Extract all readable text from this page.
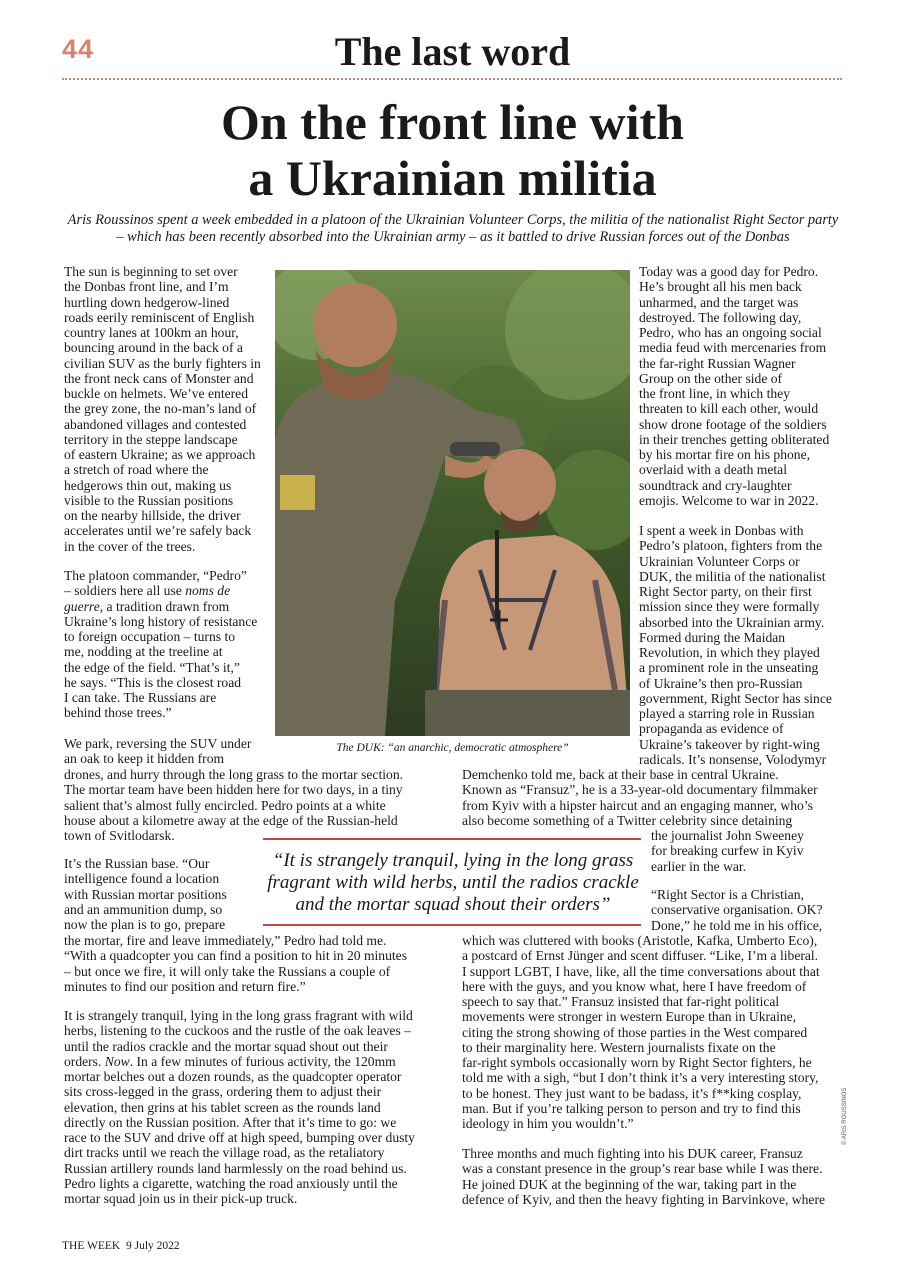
44	The last word
On the front line with
a Ukrainian militia
Aris Roussinos spent a week embedded in a platoon of the Ukrainian Volunteer Corps, the militia of the nationalist Right Sector party – which has been recently absorbed into the Ukrainian army – as it battled to drive Russian forces out of the Donbas
The sun is beginning to set over
the Donbas front line, and I’m
hurtling down hedgerow-lined
roads eerily reminiscent of English
country lanes at 100km an hour,
bouncing around in the back of a
civilian SUV as the burly fighters in
the front neck cans of Monster and
buckle on helmets. We’ve entered
the grey zone, the no-man’s land of
abandoned villages and contested
territory in the steppe landscape
of eastern Ukraine; as we approach
a stretch of road where the
hedgerows thin out, making us
visible to the Russian positions
on the nearby hillside, the driver
accelerates until we’re safely back
in the cover of the trees.
The platoon commander, “Pedro”
– soldiers here all use noms de
guerre, a tradition drawn from
Ukraine’s long history of resistance
to foreign occupation – turns to
me, nodding at the treeline at
the edge of the field. “That’s it,”
he says. “This is the closest road
I can take. The Russians are
behind those trees.”
We park, reversing the SUV under
an oak to keep it hidden from
drones, and hurry through the long grass to the mortar section.
The mortar team have been hidden here for two days, in a tiny
salient that’s almost fully encircled. Pedro points at a white
house about a kilometre away at the edge of the Russian-held
town of Svitlodarsk.
It’s the Russian base. “Our
intelligence found a location
with Russian mortar positions
and an ammunition dump, so
now the plan is to go, prepare
the mortar, fire and leave immediately,” Pedro had told me.
“With a quadcopter you can find a position to hit in 20 minutes
– but once we fire, it will only take the Russians a couple of
minutes to find our position and return fire.”
It is strangely tranquil, lying in the long grass fragrant with wild
herbs, listening to the cuckoos and the rustle of the oak leaves –
until the radios crackle and the mortar squad shout out their
orders. Now. In a few minutes of furious activity, the 120mm
mortar belches out a dozen rounds, as the quadcopter operator
sits cross-legged in the grass, ordering them to adjust their
elevation, then grins at his tablet screen as the rounds land
directly on the Russian position. After that it’s time to go: we
race to the SUV and drive off at high speed, bumping over dusty
dirt tracks until we reach the village road, as the retaliatory
Russian artillery rounds land harmlessly on the road behind us.
Pedro lights a cigarette, watching the road anxiously until the
mortar squad join us in their pick-up truck.
The DUK: “an anarchic, democratic atmosphere”
“It is strangely tranquil, lying in the long grass fragrant with wild herbs, until the radios crackle and the mortar squad shout their orders”
Today was a good day for Pedro.
He’s brought all his men back
unharmed, and the target was
destroyed. The following day,
Pedro, who has an ongoing social
media feud with mercenaries from
the far-right Russian Wagner
Group on the other side of
the front line, in which they
threaten to kill each other, would
show drone footage of the soldiers
in their trenches getting obliterated
by his mortar fire on his phone,
overlaid with a death metal
soundtrack and cry-laughter
emojis. Welcome to war in 2022.
I spent a week in Donbas with
Pedro’s platoon, fighters from the
Ukrainian Volunteer Corps or
DUK, the militia of the nationalist
Right Sector party, on their first
mission since they were formally
absorbed into the Ukrainian army.
Formed during the Maidan
Revolution, in which they played
a prominent role in the unseating
of Ukraine’s then pro-Russian
government, Right Sector has since
played a starring role in Russian
propaganda as evidence of
Ukraine’s takeover by right-wing
radicals. It’s nonsense, Volodymyr
Demchenko told me, back at their base in central Ukraine.
Known as “Fransuz”, he is a 33-year-old documentary filmmaker
from Kyiv with a hipster haircut and an engaging manner, who’s
also become something of a Twitter celebrity since detaining
the journalist John Sweeney
for breaking curfew in Kyiv
earlier in the war.
“Right Sector is a Christian,
conservative organisation. OK?
Done,” he told me in his office,
which was cluttered with books (Aristotle, Kafka, Umberto Eco),
a postcard of Ernst Jünger and scent diffuser. “Like, I’m a liberal.
I support LGBT, I have, like, all the time conversations about that
here with the guys, and you know what, here I have freedom of
speech to say that.” Fransuz insisted that far-right political
movements were stronger in western Europe than in Ukraine,
citing the strong showing of those parties in the West compared
to their marginality here. Western journalists fixate on the
far-right symbols occasionally worn by Right Sector fighters, he
told me with a sigh, “but I don’t think it’s a very interesting story,
to be honest. They just want to be badass, it’s f**king cosplay,
man. But if you’re talking person to person and try to find this
ideology in him you wouldn’t.”
Three months and much fighting into his DUK career, Fransuz
was a constant presence in the group’s rear base while I was there.
He joined DUK at the beginning of the war, taking part in the
defence of Kyiv, and then the heavy fighting in Barvinkove, where
© ARIS ROUSSINOS
THE WEEK 9 July 2022
